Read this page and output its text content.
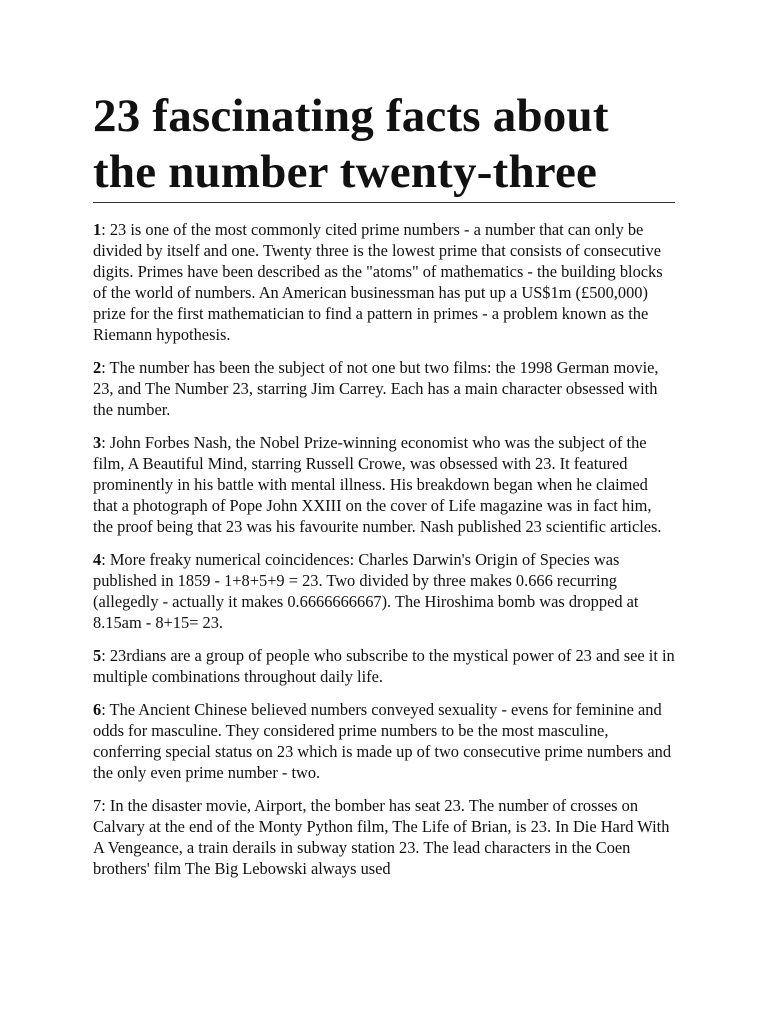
23 fascinating facts about the number twenty-three

1: 23 is one of the most commonly cited prime numbers - a number that can only be divided by itself and one. Twenty three is the lowest prime that consists of consecutive digits. Primes have been described as the "atoms" of mathematics - the building blocks of the world of numbers. An American businessman has put up a US$1m (£500,000) prize for the first mathematician to find a pattern in primes - a problem known as the Riemann hypothesis.

2: The number has been the subject of not one but two films: the 1998 German movie, 23, and The Number 23, starring Jim Carrey. Each has a main character obsessed with the number.

3: John Forbes Nash, the Nobel Prize-winning economist who was the subject of the film, A Beautiful Mind, starring Russell Crowe, was obsessed with 23. It featured prominently in his battle with mental illness. His breakdown began when he claimed that a photograph of Pope John XXIII on the cover of Life magazine was in fact him, the proof being that 23 was his favourite number. Nash published 23 scientific articles.

4: More freaky numerical coincidences: Charles Darwin's Origin of Species was published in 1859 - 1+8+5+9 = 23. Two divided by three makes 0.666 recurring (allegedly - actually it makes 0.6666666667). The Hiroshima bomb was dropped at 8.15am - 8+15= 23.

5: 23rdians are a group of people who subscribe to the mystical power of 23 and see it in multiple combinations throughout daily life.

6: The Ancient Chinese believed numbers conveyed sexuality - evens for feminine and odds for masculine. They considered prime numbers to be the most masculine, conferring special status on 23 which is made up of two consecutive prime numbers and the only even prime number - two.

7: In the disaster movie, Airport, the bomber has seat 23. The number of crosses on Calvary at the end of the Monty Python film, The Life of Brian, is 23. In Die Hard With A Vengeance, a train derails in subway station 23. The lead characters in the Coen brothers' film The Big Lebowski always used
